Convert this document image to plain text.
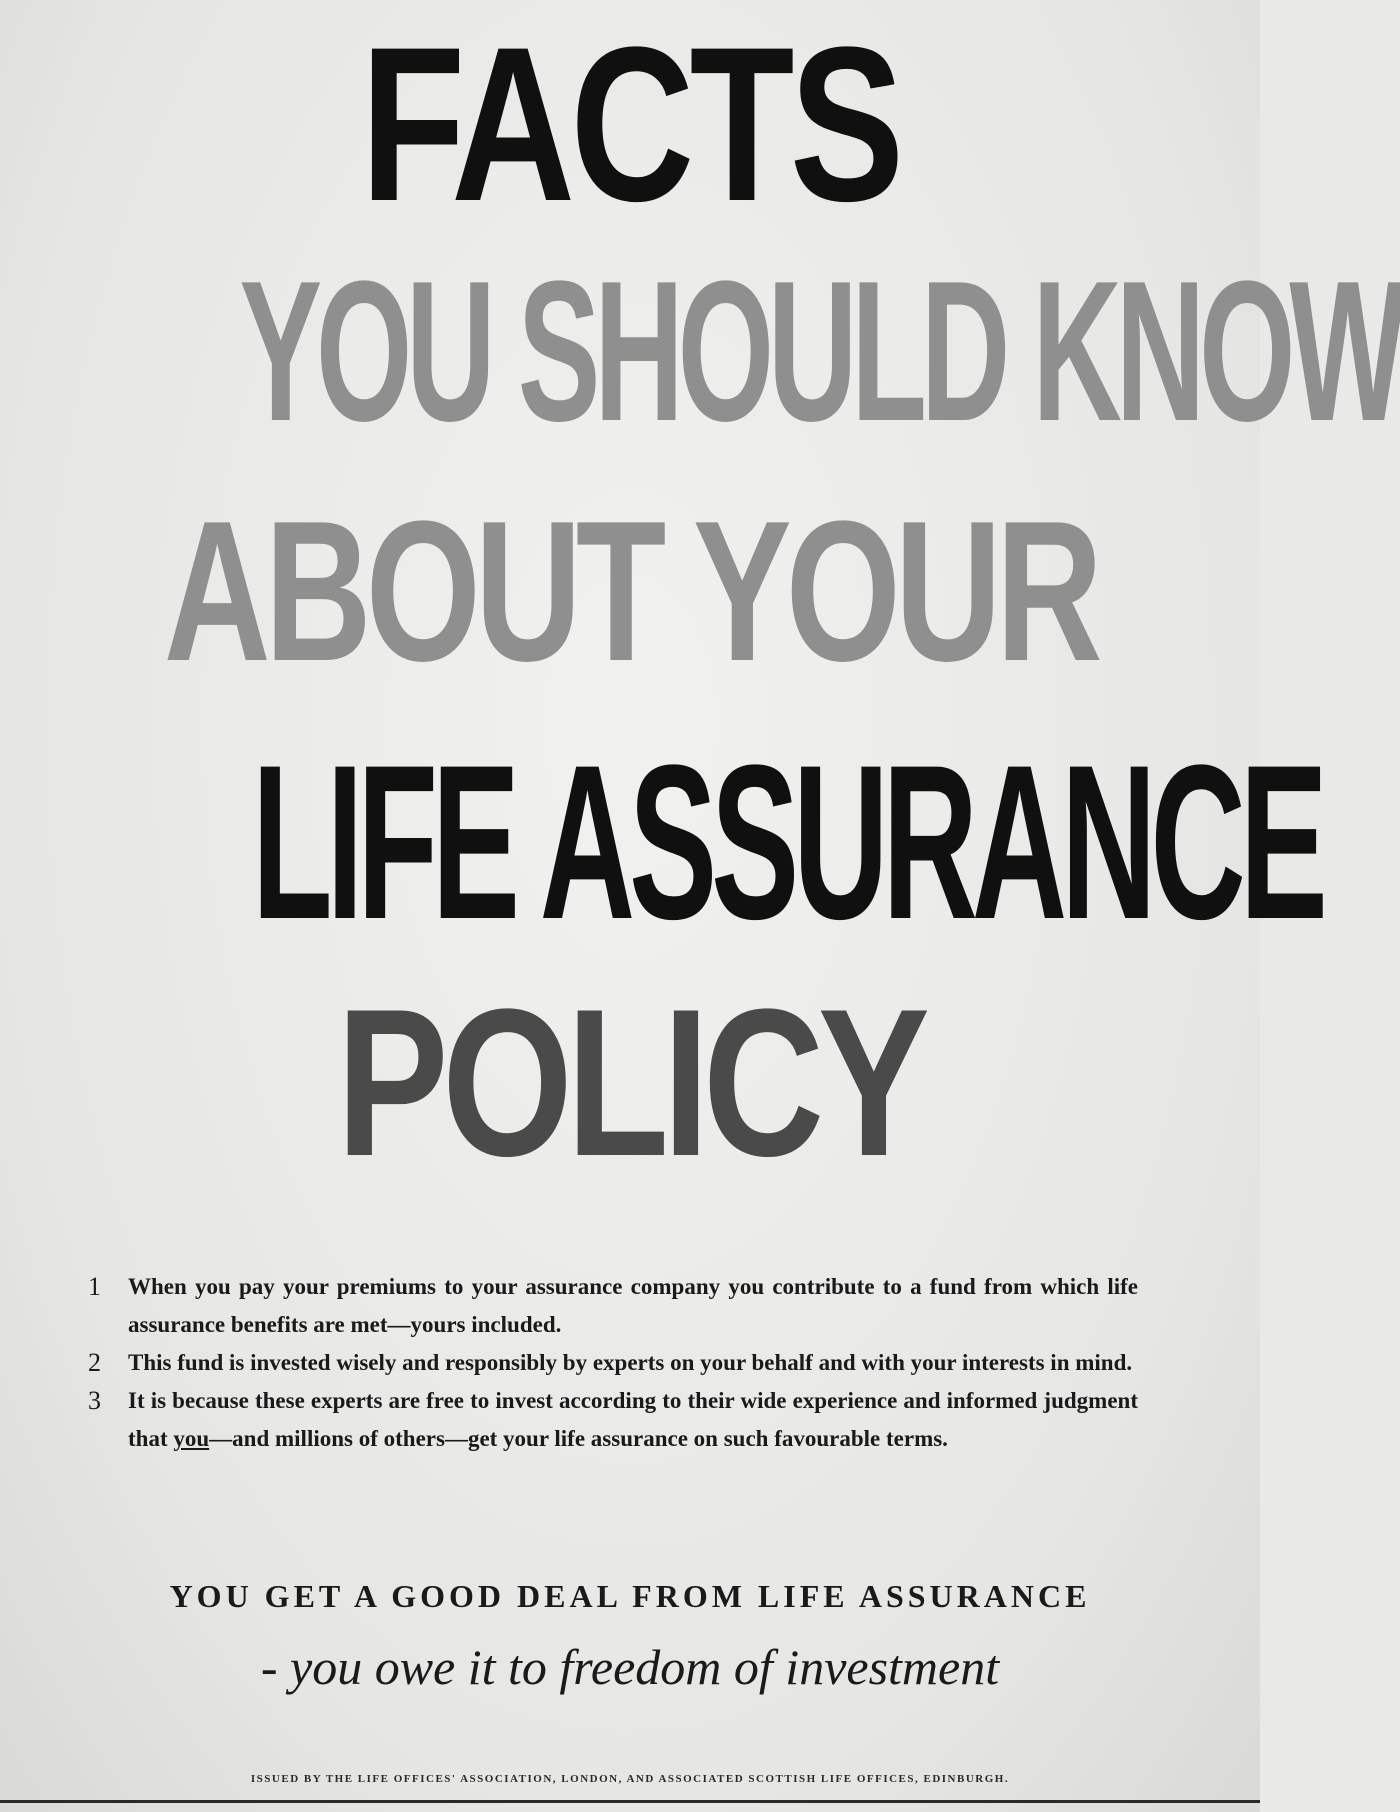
FACTS
YOU SHOULD KNOW
ABOUT YOUR
LIFE ASSURANCE
POLICY
1	When you pay your premiums to your assurance company you contribute to a fund from which life assurance benefits are met—yours included.
2	This fund is invested wisely and responsibly by experts on your behalf and with your interests in mind.
3	It is because these experts are free to invest according to their wide experience and informed judgment that you—and millions of others—get your life assurance on such favourable terms.
YOU GET A GOOD DEAL FROM LIFE ASSURANCE
- you owe it to freedom of investment
ISSUED BY THE LIFE OFFICES' ASSOCIATION, LONDON, AND ASSOCIATED SCOTTISH LIFE OFFICES, EDINBURGH.
